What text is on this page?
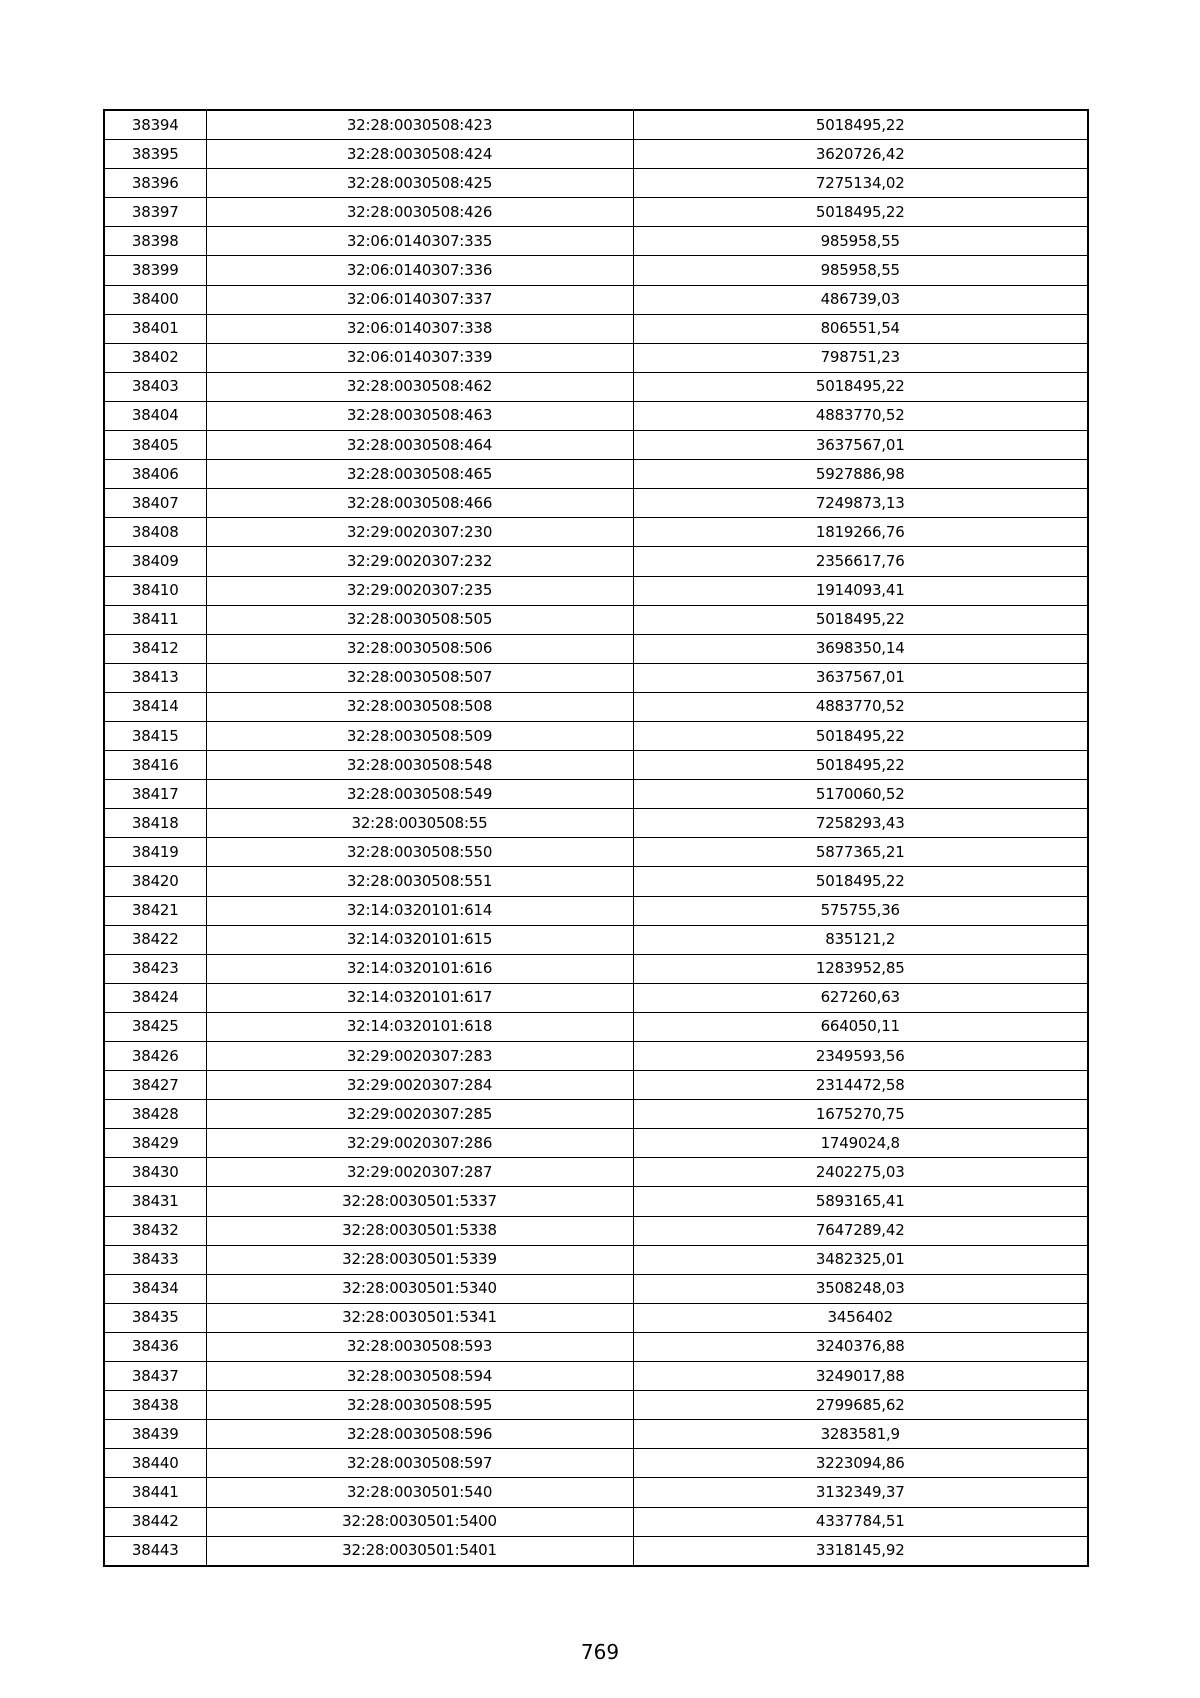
38394	32:28:0030508:423	5018495,22
38395	32:28:0030508:424	3620726,42
38396	32:28:0030508:425	7275134,02
38397	32:28:0030508:426	5018495,22
38398	32:06:0140307:335	985958,55
38399	32:06:0140307:336	985958,55
38400	32:06:0140307:337	486739,03
38401	32:06:0140307:338	806551,54
38402	32:06:0140307:339	798751,23
38403	32:28:0030508:462	5018495,22
38404	32:28:0030508:463	4883770,52
38405	32:28:0030508:464	3637567,01
38406	32:28:0030508:465	5927886,98
38407	32:28:0030508:466	7249873,13
38408	32:29:0020307:230	1819266,76
38409	32:29:0020307:232	2356617,76
38410	32:29:0020307:235	1914093,41
38411	32:28:0030508:505	5018495,22
38412	32:28:0030508:506	3698350,14
38413	32:28:0030508:507	3637567,01
38414	32:28:0030508:508	4883770,52
38415	32:28:0030508:509	5018495,22
38416	32:28:0030508:548	5018495,22
38417	32:28:0030508:549	5170060,52
38418	32:28:0030508:55	7258293,43
38419	32:28:0030508:550	5877365,21
38420	32:28:0030508:551	5018495,22
38421	32:14:0320101:614	575755,36
38422	32:14:0320101:615	835121,2
38423	32:14:0320101:616	1283952,85
38424	32:14:0320101:617	627260,63
38425	32:14:0320101:618	664050,11
38426	32:29:0020307:283	2349593,56
38427	32:29:0020307:284	2314472,58
38428	32:29:0020307:285	1675270,75
38429	32:29:0020307:286	1749024,8
38430	32:29:0020307:287	2402275,03
38431	32:28:0030501:5337	5893165,41
38432	32:28:0030501:5338	7647289,42
38433	32:28:0030501:5339	3482325,01
38434	32:28:0030501:5340	3508248,03
38435	32:28:0030501:5341	3456402
38436	32:28:0030508:593	3240376,88
38437	32:28:0030508:594	3249017,88
38438	32:28:0030508:595	2799685,62
38439	32:28:0030508:596	3283581,9
38440	32:28:0030508:597	3223094,86
38441	32:28:0030501:540	3132349,37
38442	32:28:0030501:5400	4337784,51
38443	32:28:0030501:5401	3318145,92
769
